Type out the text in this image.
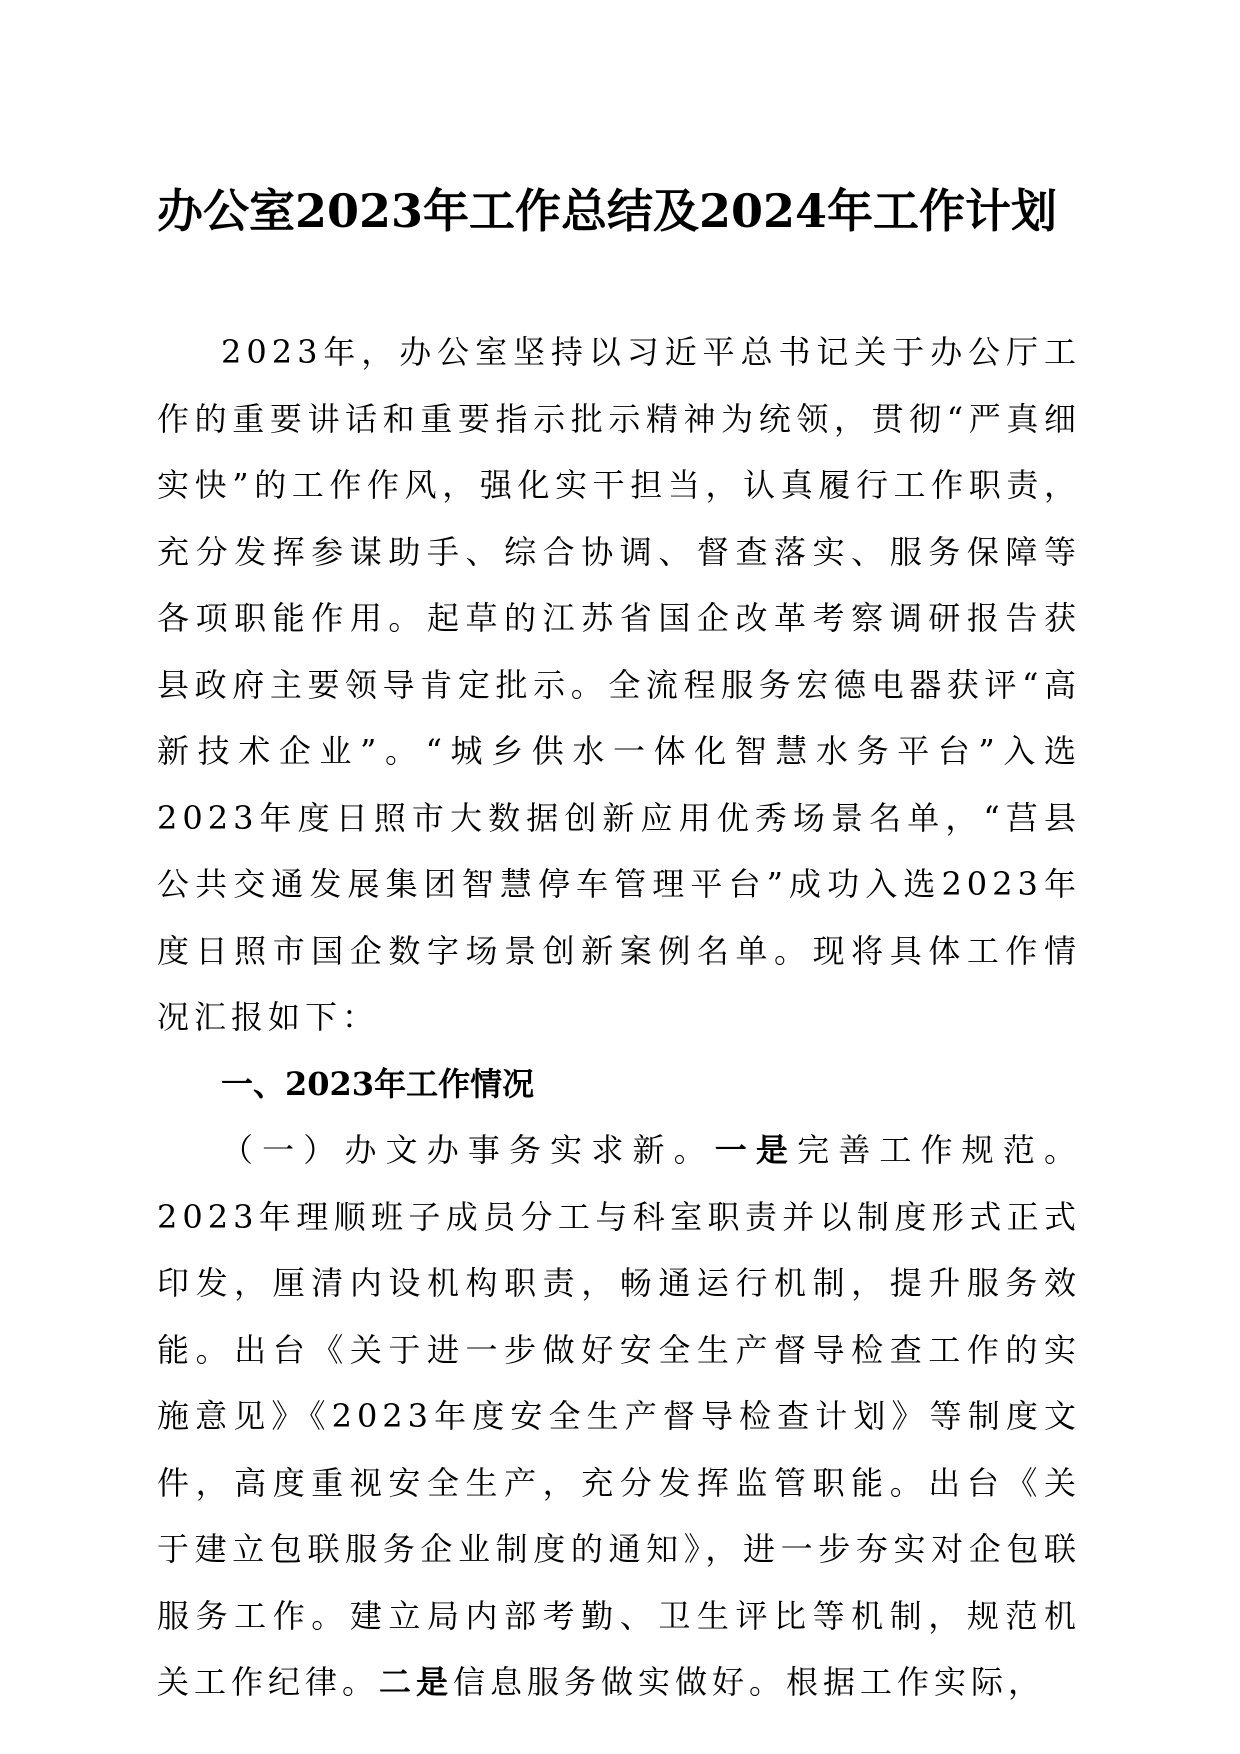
办公室2023年工作总结及2024年工作计划

2023年，办公室坚持以习近平总书记关于办公厅工作的重要讲话和重要指示批示精神为统领，贯彻“严真细实快”的工作作风，强化实干担当，认真履行工作职责，充分发挥参谋助手、综合协调、督查落实、服务保障等各项职能作用。起草的江苏省国企改革考察调研报告获县政府主要领导肯定批示。全流程服务宏德电器获评“高新技术企业”。“城乡供水一体化智慧水务平台”入选2023年度日照市大数据创新应用优秀场景名单，“莒县公共交通发展集团智慧停车管理平台”成功入选2023年度日照市国企数字场景创新案例名单。现将具体工作情况汇报如下：

一、2023年工作情况

（一）办文办事务实求新。一是完善工作规范。2023年理顺班子成员分工与科室职责并以制度形式正式印发，厘清内设机构职责，畅通运行机制，提升服务效能。出台《关于进一步做好安全生产督导检查工作的实施意见》《2023年度安全生产督导检查计划》等制度文件，高度重视安全生产，充分发挥监管职能。出台《关于建立包联服务企业制度的通知》，进一步夯实对企包联服务工作。建立局内部考勤、卫生评比等机制，规范机关工作纪律。二是信息服务做实做好。根据工作实际，
